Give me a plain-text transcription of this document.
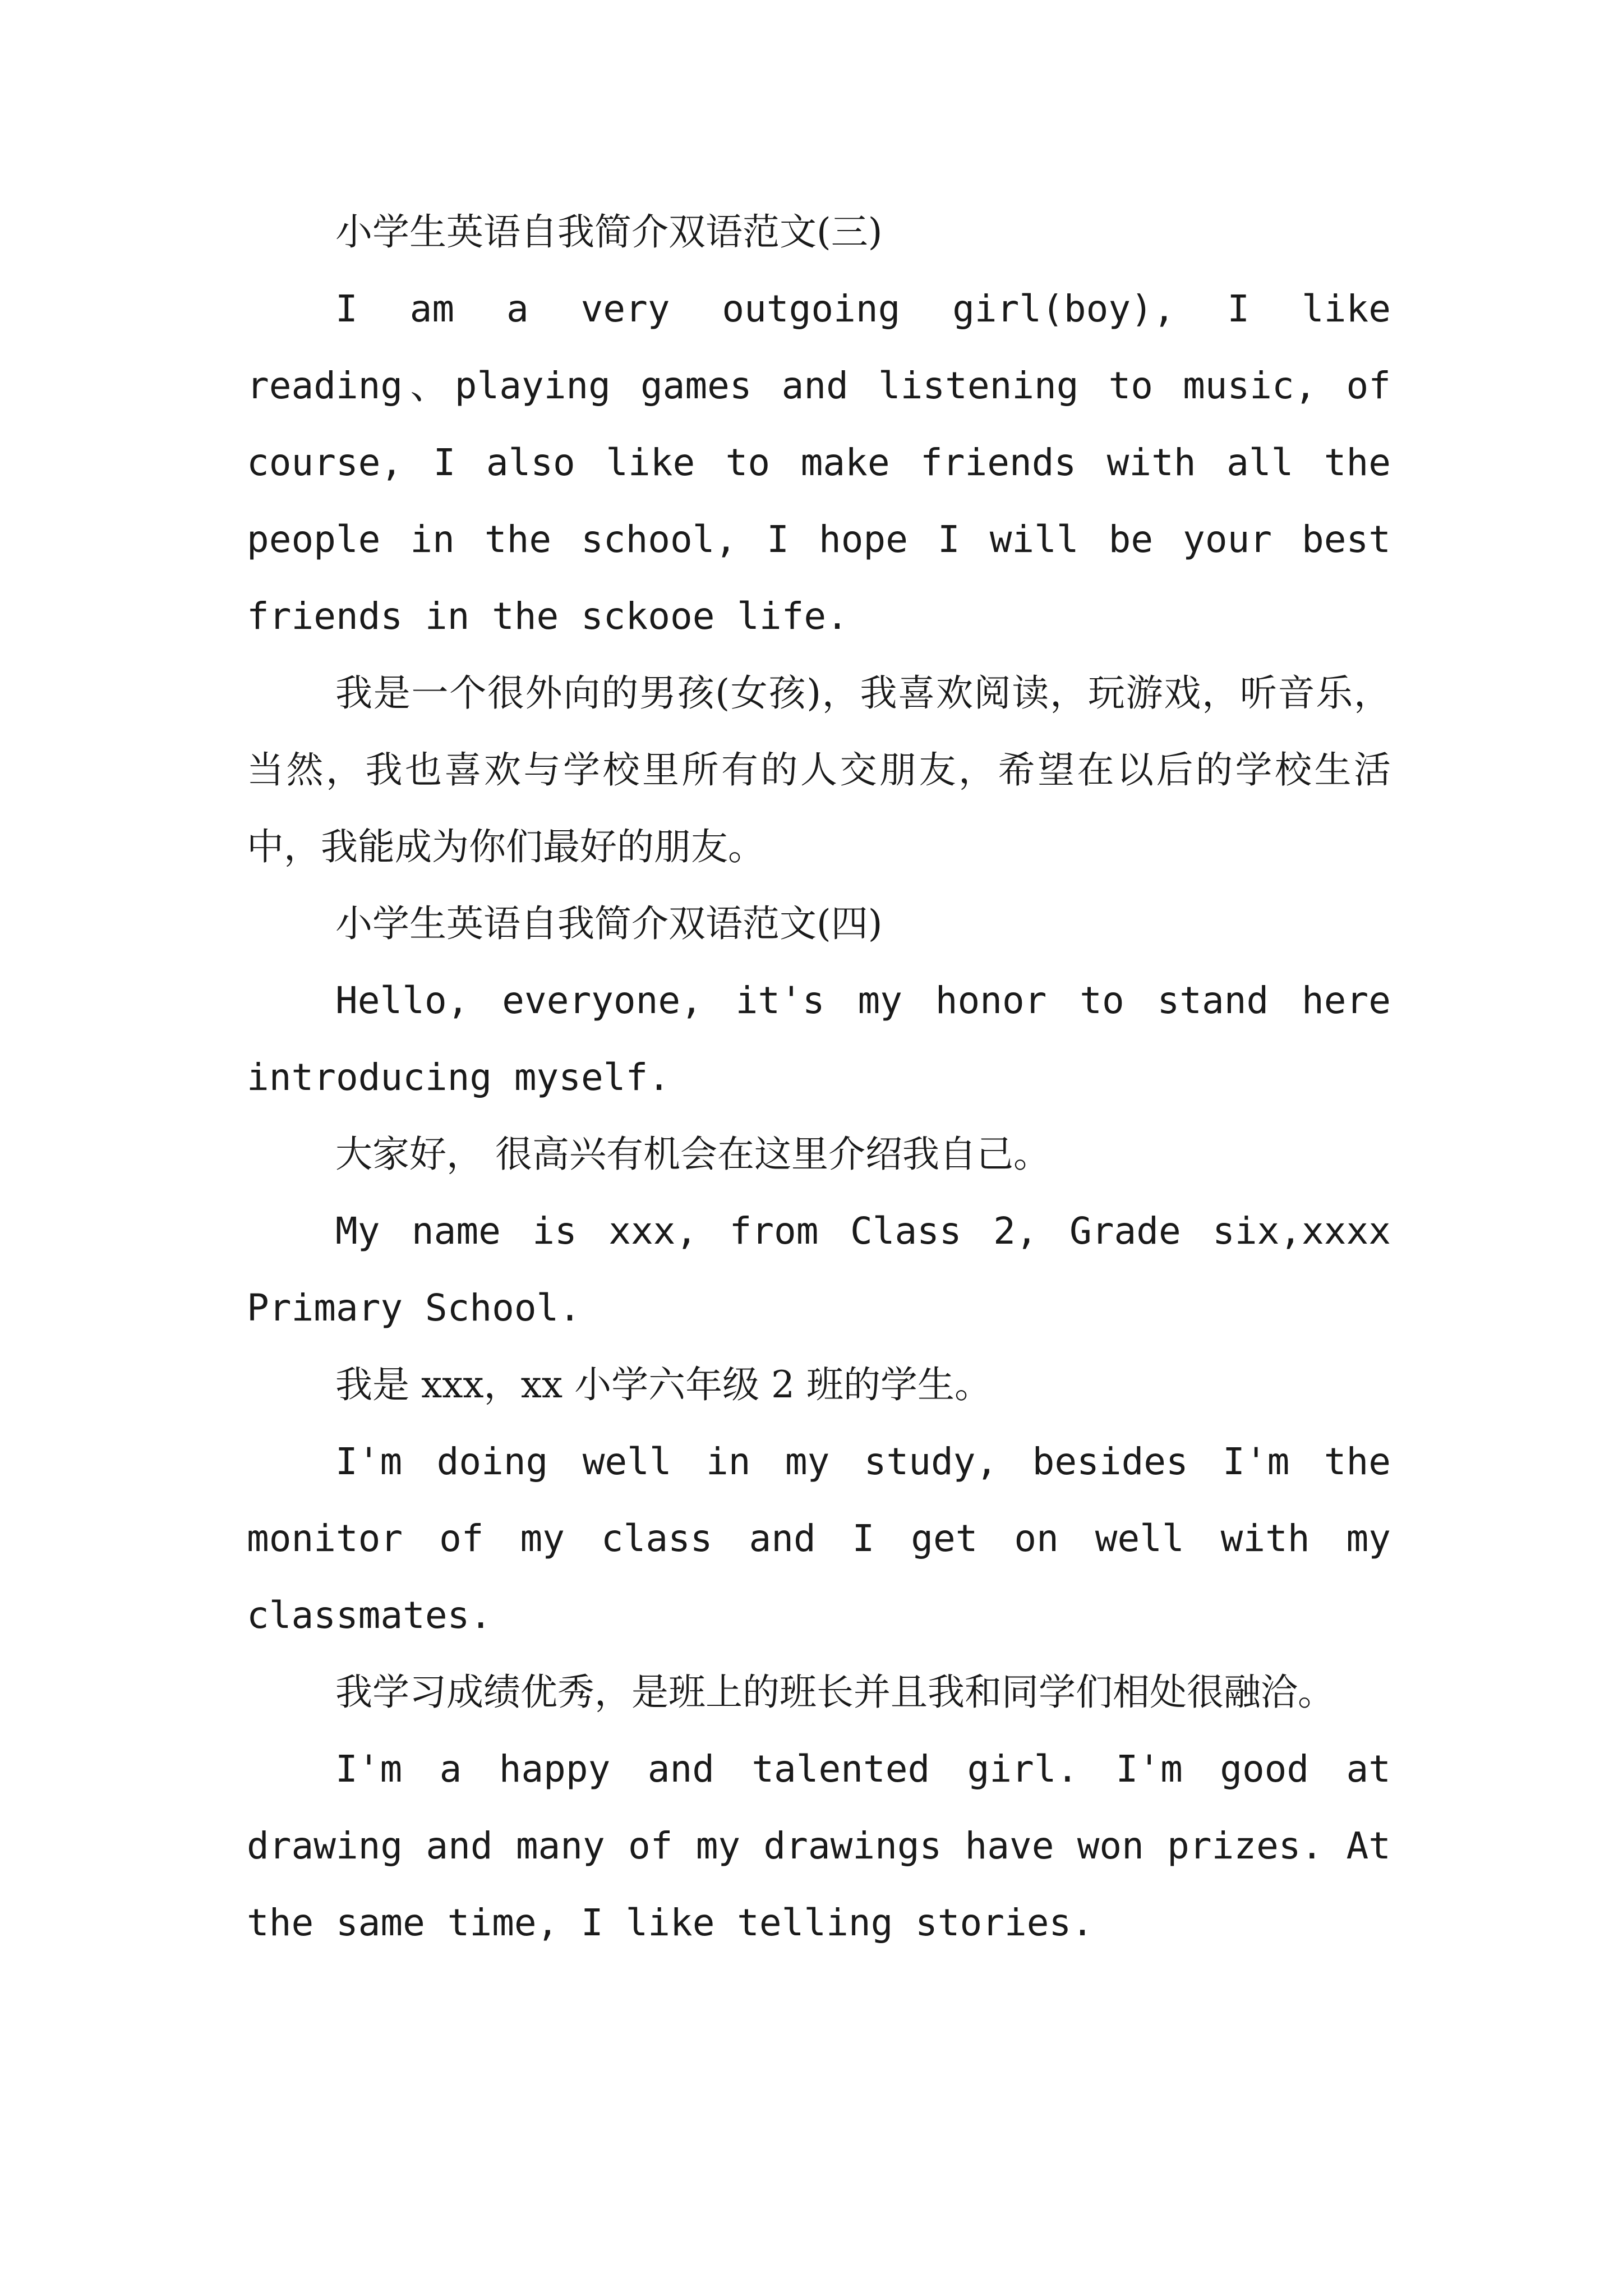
小学生英语自我简介双语范文(三)

I am a very outgoing girl(boy), I like reading、playing games and listening to music, of course, I also like to make friends with all the people in the school, I hope I will be your best friends in the sckooe life.

我是一个很外向的男孩(女孩)，我喜欢阅读，玩游戏，听音乐，当然，我也喜欢与学校里所有的人交朋友，希望在以后的学校生活中，我能成为你们最好的朋友。

小学生英语自我简介双语范文(四)

Hello, everyone, it's my honor to stand here introducing myself.

大家好， 很高兴有机会在这里介绍我自己。

My name is xxx, from Class 2, Grade six,xxxx Primary School.

我是 xxx，xx 小学六年级 2 班的学生。

I'm doing well in my study, besides I'm the monitor of my class and I get on well with my classmates.

我学习成绩优秀，是班上的班长并且我和同学们相处很融洽。

I'm a happy and talented girl. I'm good at drawing and many of my drawings have won prizes. At the same time, I like telling stories.
